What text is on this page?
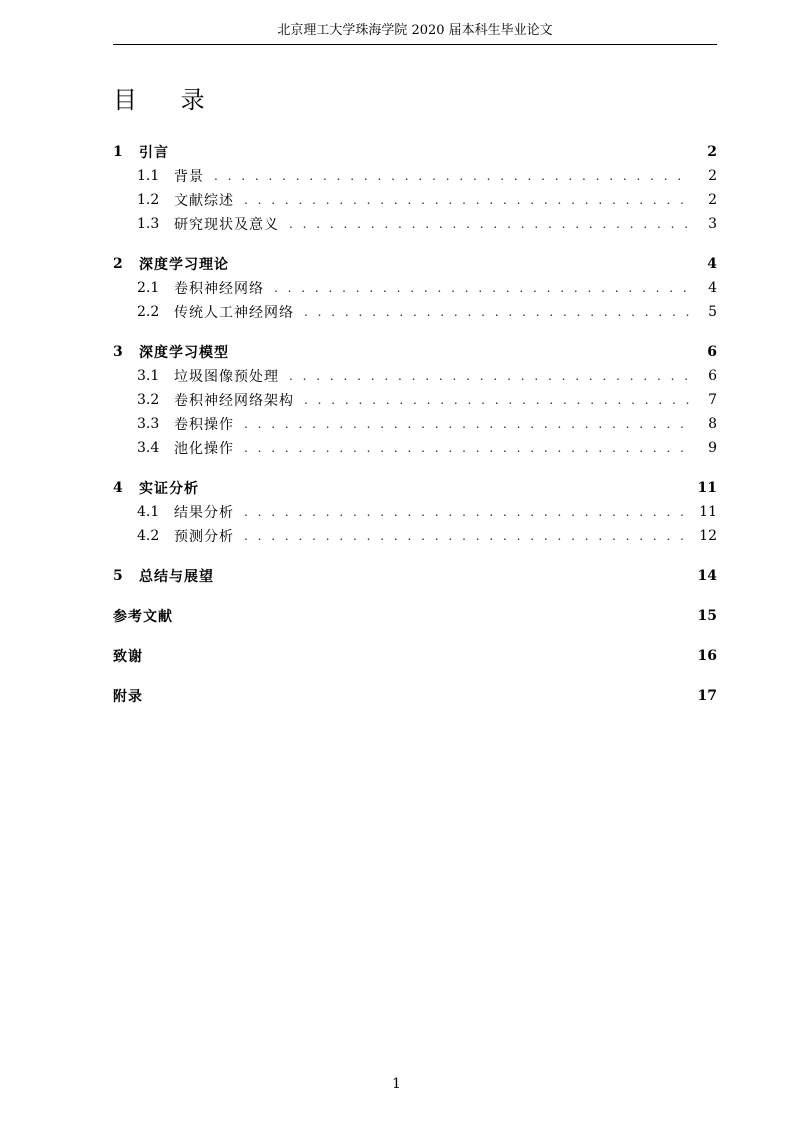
北京理工大学珠海学院 2020 届本科生毕业论文
目 录
1	引言	2
1.1	背景 . . .	2
1.2	文献综述 . . .	2
1.3	研究现状及意义 . . .	3
2	深度学习理论	4
2.1	卷积神经网络 . . .	4
2.2	传统人工神经网络 . . .	5
3	深度学习模型	6
3.1	垃圾图像预处理 . . .	6
3.2	卷积神经网络架构 . . .	7
3.3	卷积操作 . . .	8
3.4	池化操作 . . .	9
4	实证分析	11
4.1	结果分析 . . .	11
4.2	预测分析 . . .	12
5	总结与展望	14
参考文献	15
致谢	16
附录	17
1
